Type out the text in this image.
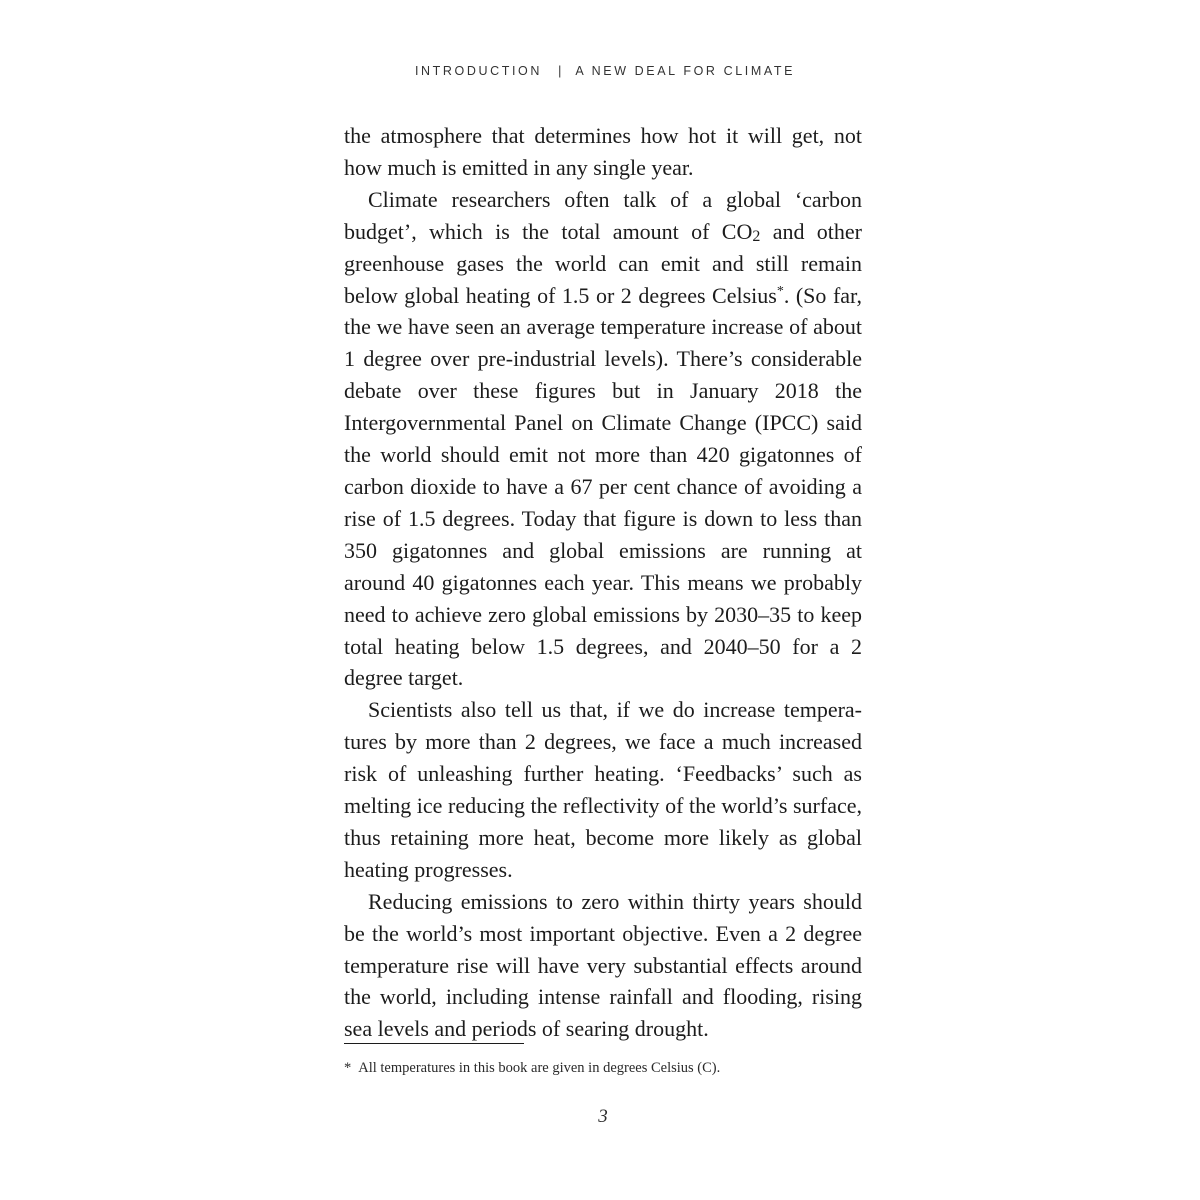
INTRODUCTION | A NEW DEAL FOR CLIMATE

the atmosphere that determines how hot it will get, not how much is emitted in any single year.

Climate researchers often talk of a global ‘carbon budget’, which is the total amount of $CO_2$ and other greenhouse gases the world can emit and still remain below global heating of 1.5 or 2 degrees Celsius*. (So far, the we have seen an average temperature increase of about 1 degree over pre-industrial levels). There’s considerable debate over these figures but in January 2018 the Intergovernmental Panel on Climate Change (IPCC) said the world should emit not more than 420 gigatonnes of carbon dioxide to have a 67 per cent chance of avoiding a rise of 1.5 degrees. Today that figure is down to less than 350 gigatonnes and global emissions are running at around 40 gigatonnes each year. This means we probably need to achieve zero global emissions by 2030–35 to keep total heating below 1.5 degrees, and 2040–50 for a 2 degree target.

Scientists also tell us that, if we do increase temperatures by more than 2 degrees, we face a much increased risk of unleashing further heating. ‘Feedbacks’ such as melting ice reducing the reflectivity of the world’s surface, thus retaining more heat, become more likely as global heating progresses.

Reducing emissions to zero within thirty years should be the world’s most important objective. Even a 2 degree temperature rise will have very substantial effects around the world, including intense rainfall and flooding, rising sea levels and periods of searing drought.

* All temperatures in this book are given in degrees Celsius (C).
3
